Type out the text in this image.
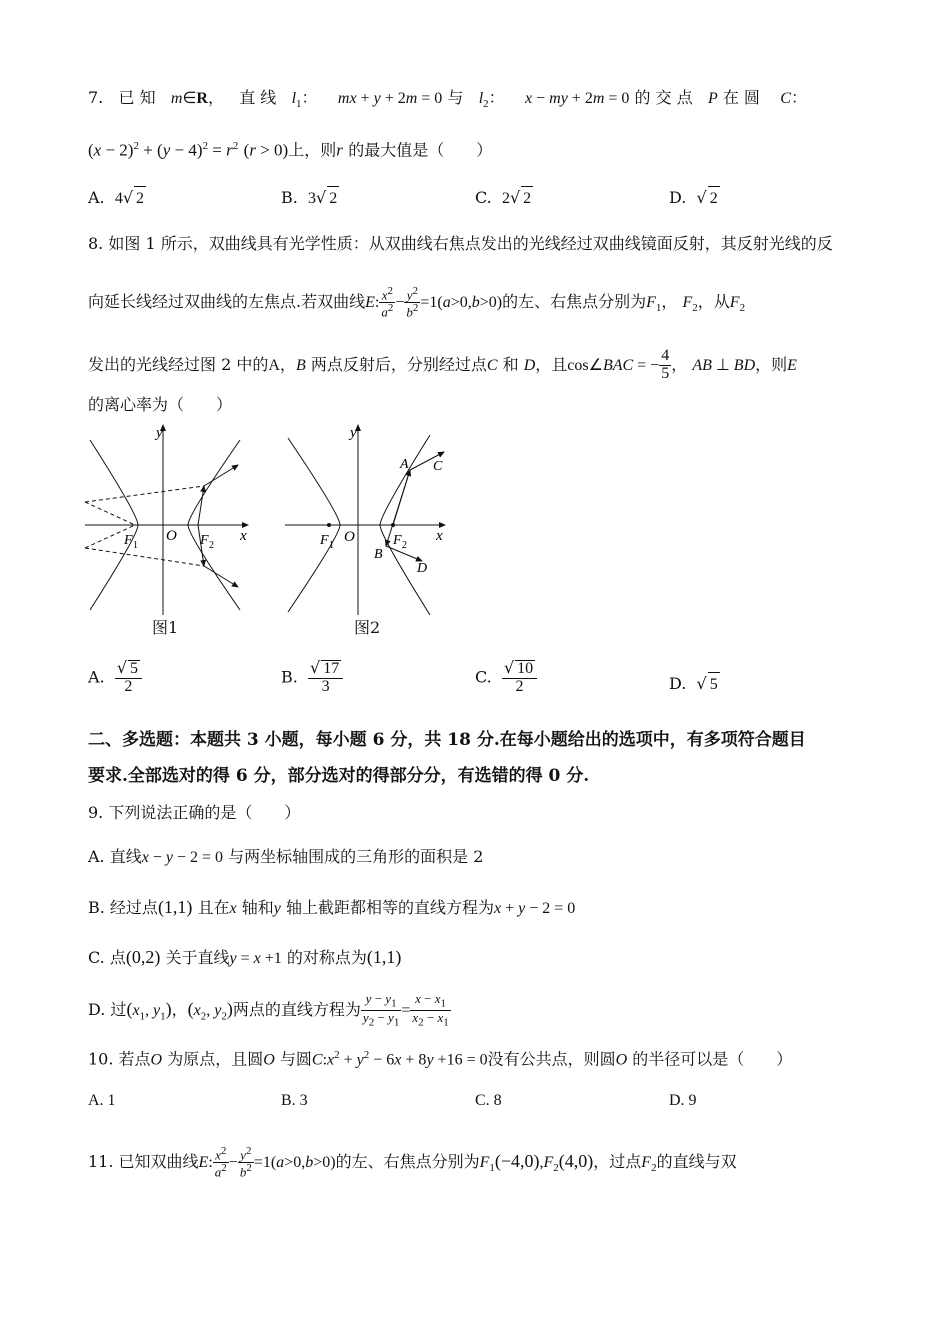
7. 已 知 m∈R，   直 线 $l_1$：    mx + y + 2m = 0 与 $l_2$：    x − my + 2m = 0 的 交 点 P 在 圆 C：
$(x - 2)^2 + (y - 4)^2 = r^2$ (r > 0)上，则r 的最大值是（　　）
A. 4√ 2	B. 3√ 2	C. 2√ 2	D. √ 2
8. 如图 1 所示，双曲线具有光学性质：从双曲线右焦点发出的光线经过双曲线镜面反射，其反射光线的反
向延长线经过双曲线的左焦点.若双曲线E: $\frac{x^2}{a^2} - \frac{y^2}{b^2} =1(a>0,b>0)$的左、右焦点分别为$F_1$， $F_2$，从$F_2$
发出的光线经过图 2 中的A，B 两点反射后，分别经过点C 和 D，且cos∠BAC = − $\frac{4}{5}$ ， AB ⊥ BD，则E
的离心率为（　　）
y
x
O
F 1	F 2
图1
y
x
O
F 1	F 2
A C
B
D
图2
A. $\frac{√ 5}{2}$	B. $\frac{√ 17}{3}$	C. $\frac{√ 10}{2}$	D. √ 5
二、多选题：本题共 3 小题，每小题 6 分，共 18 分.在每小题给出的选项中，有多项符合题目
要求.全部选对的得 6 分，部分选对的得部分分，有选错的得 0 分.
9. 下列说法正确的是（　　）
A. 直线x − y − 2 = 0 与两坐标轴围成的三角形的面积是 2
B. 经过点(1,1) 且在x 轴和y 轴上截距都相等的直线方程为x + y − 2 = 0
C. 点(0,2) 关于直线y = x +1 的对称点为(1,1)
D. 过($x_1$, $y_1$)，($x_2$, $y_2$)两点的直线方程为 $\frac{y - y_1}{y_2 - y_1} = \frac{x - x_1}{x_2 - x_1}$
10. 若点O 为原点，且圆O 与圆$C:x^2 + y^2 - 6x + 8y +16 = 0$没有公共点，则圆O 的半径可以是（　　）
A. 1	B. 3	C. 8	D. 9
11. 已知双曲线E: $\frac{x^2}{a^2} - \frac{y^2}{b^2} =1(a>0,b>0)$的左、右焦点分别为$F_1(-4,0),F_2(4,0)$，过点$F_2$的直线与双
